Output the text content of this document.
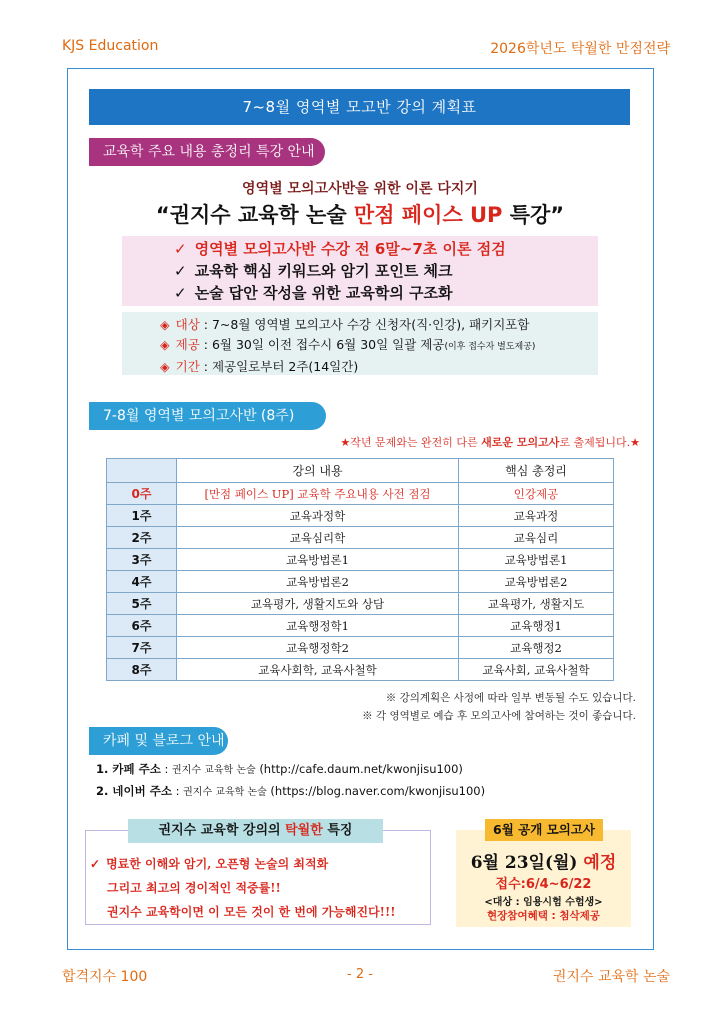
KJS Education	2026학년도 탁월한 만점전략
7~8월 영역별 모고반 강의 계획표
교육학 주요 내용 총정리 특강 안내
영역별 모의고사반을 위한 이론 다지기
“권지수 교육학 논술 만점 페이스 UP 특강”
✓ 영역별 모의고사반 수강 전 6말~7초 이론 점검
✓ 교육학 핵심 키워드와 암기 포인트 체크
✓ 논술 답안 작성을 위한 교육학의 구조화
◈ 대상 : 7~8월 영역별 모의고사 수강 신청자(직·인강), 패키지포함
◈ 제공 : 6월 30일 이전 접수시 6월 30일 일괄 제공(이후 접수자 별도제공)
◈ 기간 : 제공일로부터 2주(14일간)
7-8월 영역별 모의고사반 (8주)
★작년 문제와는 완전히 다른 새로운 모의고사로 출제됩니다.★
	강의 내용	핵심 총정리
0주	[만점 페이스 UP] 교육학 주요내용 사전 점검	인강제공
1주	교육과정학	교육과정
2주	교육심리학	교육심리
3주	교육방법론1	교육방법론1
4주	교육방법론2	교육방법론2
5주	교육평가, 생활지도와 상담	교육평가, 생활지도
6주	교육행정학1	교육행정1
7주	교육행정학2	교육행정2
8주	교육사회학, 교육사철학	교육사회, 교육사철학
※ 강의계획은 사정에 따라 일부 변동될 수도 있습니다.
※ 각 영역별로 예습 후 모의고사에 참여하는 것이 좋습니다.
카페 및 블로그 안내
1. 카페 주소 : 권지수 교육학 논술 (http://cafe.daum.net/kwonjisu100)
2. 네이버 주소 : 권지수 교육학 논술 (https://blog.naver.com/kwonjisu100)
권지수 교육학 강의의 탁월한 특징
✓ 명료한 이해와 암기, 오픈형 논술의 최적화
그리고 최고의 경이적인 적중률!!
권지수 교육학이면 이 모든 것이 한 번에 가능해진다!!!
6월 공개 모의고사
6월 23일(월) 예정
접수:6/4~6/22
<대상 : 임용시험 수험생>
현장참여혜택 : 첨삭제공
합격지수 100	- 2 -	권지수 교육학 논술
